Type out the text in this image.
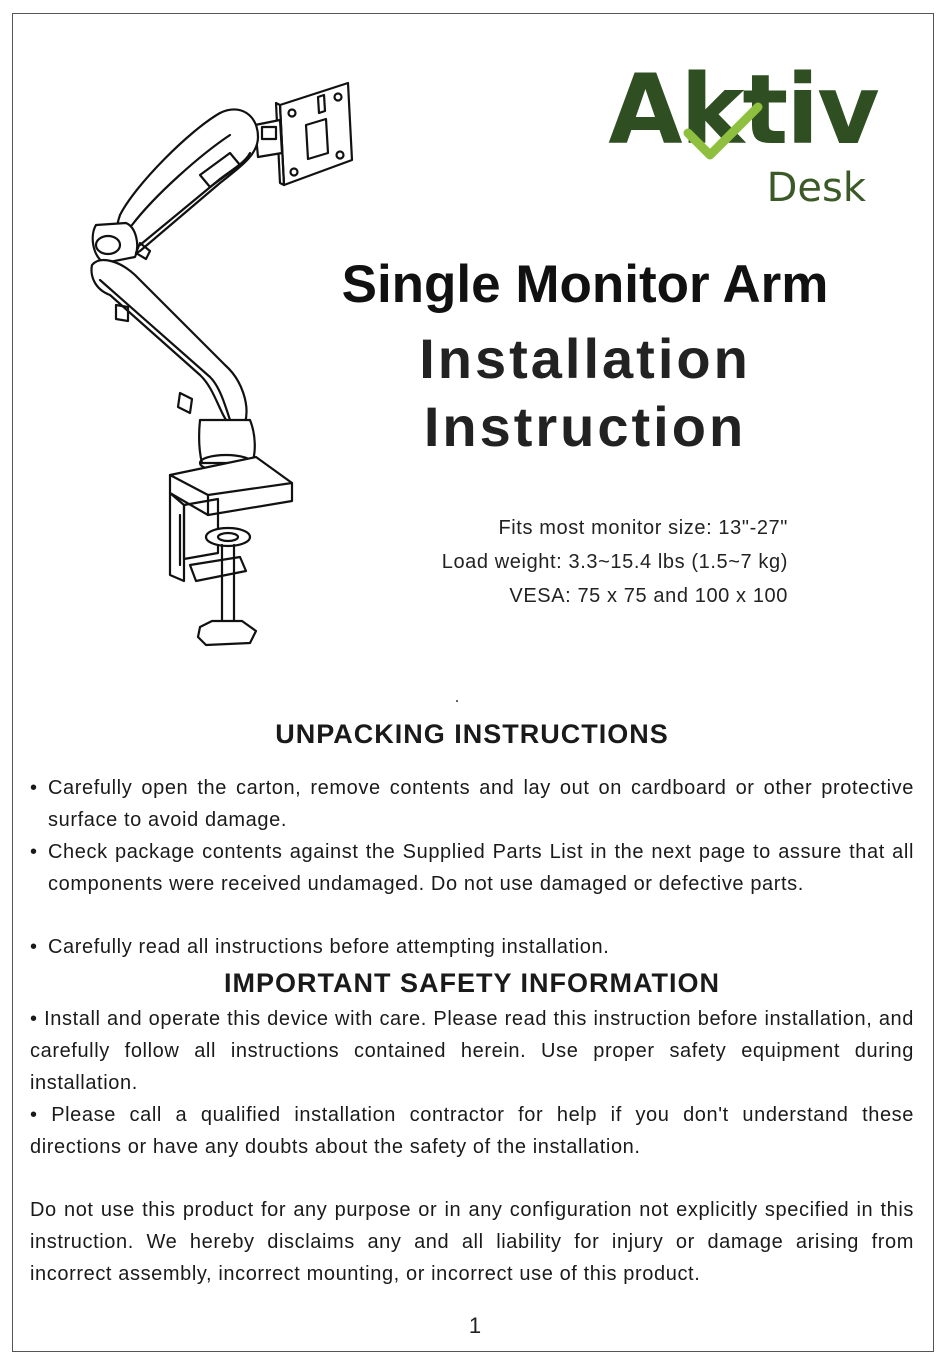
Aktiv
Desk
Single Monitor Arm
Installation
Instruction
Fits most monitor size: 13"-27"
Load weight: 3.3~15.4 lbs (1.5~7 kg)
VESA: 75 x 75 and 100 x 100
UNPACKING INSTRUCTIONS
• Carefully open the carton, remove contents and lay out on cardboard or other protective surface to avoid damage.
• Check package contents against the Supplied Parts List in the next page to assure that all components were received undamaged. Do not use damaged or defective parts.
• Carefully read all instructions before attempting installation.
IMPORTANT SAFETY INFORMATION
• Install and operate this device with care. Please read this instruction before installation, and carefully follow all instructions contained herein. Use proper safety equipment during installation.
• Please call a qualified installation contractor for help if you don't understand these directions or have any doubts about the safety of the installation.
Do not use this product for any purpose or in any configuration not explicitly specified in this instruction. We hereby disclaims any and all liability for injury or damage arising from incorrect assembly, incorrect mounting, or incorrect use of this product.
1
